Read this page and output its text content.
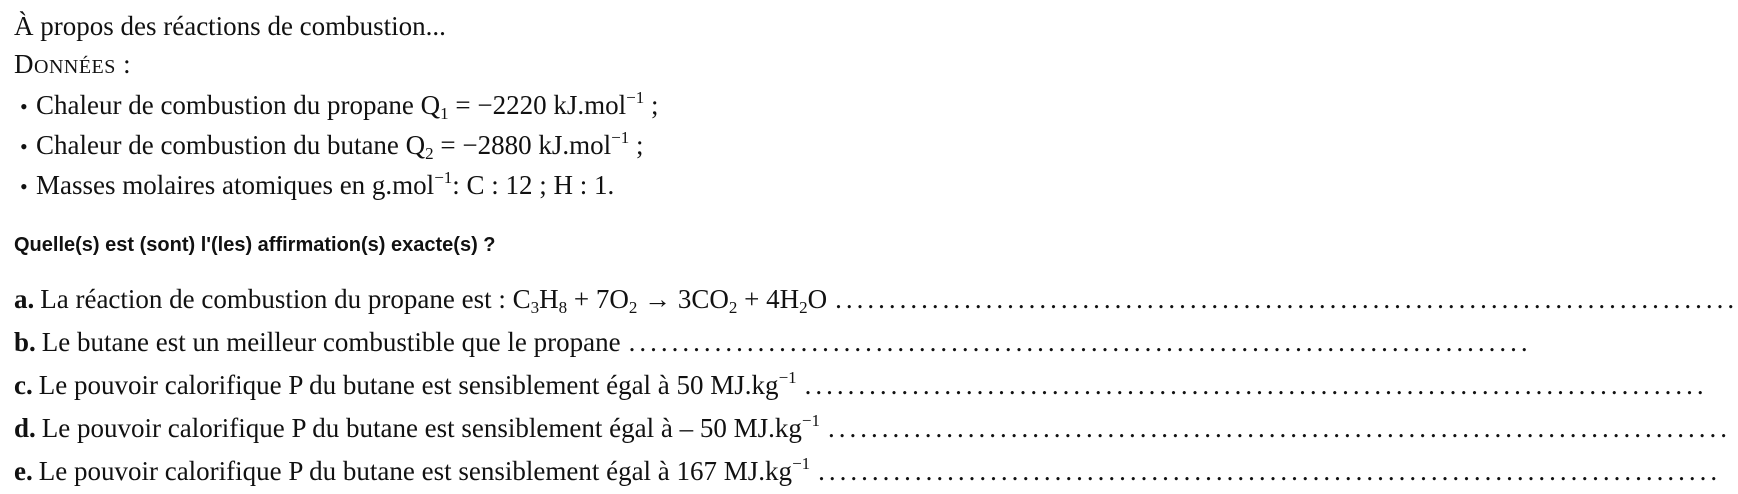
À propos des réactions de combustion...
DONNÉES :
• Chaleur de combustion du propane $Q_1 = -2220$ kJ.mol$^{-1}$ ;
• Chaleur de combustion du butane $Q_2 = -2880$ kJ.mol$^{-1}$ ;
• Masses molaires atomiques en g.mol$^{-1}$: C : 12 ; H : 1.
Quelle(s) est (sont) l'(les) affirmation(s) exacte(s) ?
a. La réaction de combustion du propane est : $C_3H_8 + 7O_2 \to 3CO_2 + 4H_2O$ ....................................................................................
b. Le butane est un meilleur combustible que le propane ....................................................................................
c. Le pouvoir calorifique P du butane est sensiblement égal à 50 $MJ.kg^{-1}$ ....................................................................................
d. Le pouvoir calorifique P du butane est sensiblement égal à – 50 $MJ.kg^{-1}$ ....................................................................................
e. Le pouvoir calorifique P du butane est sensiblement égal à 167 $MJ.kg^{-1}$ ....................................................................................
